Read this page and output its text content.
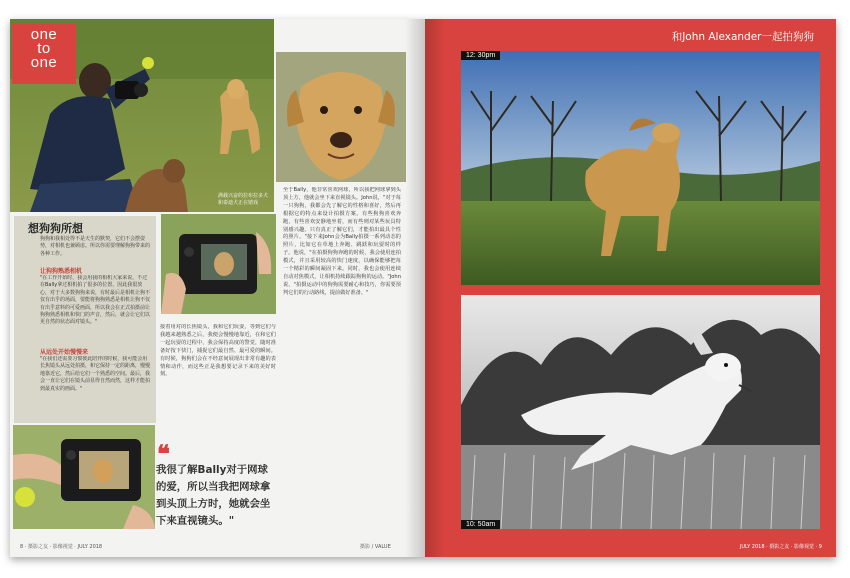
满载兴奋的拉布拉多犬和泰迪犬正在嬉戏
one
to
one
想狗狗所想
狗狗和我相处得不是天生的默契，它们不会摆姿势，对相机也兼顾虑。所以你需要理解狗狗带来的各种工作。
让狗狗熟悉相机
"在工作开始时，我会用我的相机大家来说，不过在Bally拿过相机拍了很多的位置，因此我很放心，对于大多数狗狗来说，有时最后是相机让狗不仅有出乎的场面，要能将狗狗熟悉是相机让狗不仅有出乎意料的可爱画面，所以我会在正式拍摄前让狗狗熟悉相机和快门的声音，然后，就会让它们以更自然的状态面对镜头。"
从远处开始慢慢来
"在我们还需要习惯彼此陪伴的时候，我可能会用长焦镜头从远处拍摄，和它保持一定的距离，慢慢地靠近它，然后给它们一个熟悉的空间。最后，我会一直让它们在镜头前显得自然而然，这样才能拍到最真实的画面。"
接着用对的长焦镜头，我和它们玩耍，等到它们与我越来越熟悉之后，我便会慢慢地靠近，在和它们一起玩耍的过程中，我会保持高度的警觉，随时准备好按下快门，捕捉它们最自然、最可爱的瞬间。有时候，狗狗们会在不经意间展现出非常有趣的表情和动作，而这些正是我想要记录下来的美好时刻。
至于Bally，他非常喜欢网球，所以我把网球拿到头顶上方，他就会坐下来直视镜头。John说，"对于每一只狗狗，我都会先了解它的性格和喜好，然后再根据它的特点来设计拍摄方案。有些狗狗喜欢奔跑，有些喜欢安静地坐着，而有些则对某些玩具特别感兴趣。只有真正了解它们，才能拍出最具个性的照片。"接下来John会为Bally拍摄一系列动态的照片，比如它在草地上奔跑、跳跃和玩耍时的样子。他说，"在拍摄狗狗奔跑的时候，我会使用连拍模式，并且采用较高的快门速度，以确保能够把每一个精彩的瞬间凝固下来。同时，我也会使用连续自动对焦模式，让相机持续跟踪狗狗的运动。"John说，"拍摄运动中的狗狗需要耐心和技巧，你需要预判它们的行动路线，提前做好准备。"
❝
我很了解Bally对于网球的爱，所以当我把网球拿到头顶上方时，她就会坐下来直视镜头。"
8 · 摄影之友 · 影像视觉 · JULY 2018	摄影 / VALUE
和John Alexander一起拍狗狗
12: 30pm
10: 50am
JULY 2018 · 摄影之友 · 影像视觉 · 9
